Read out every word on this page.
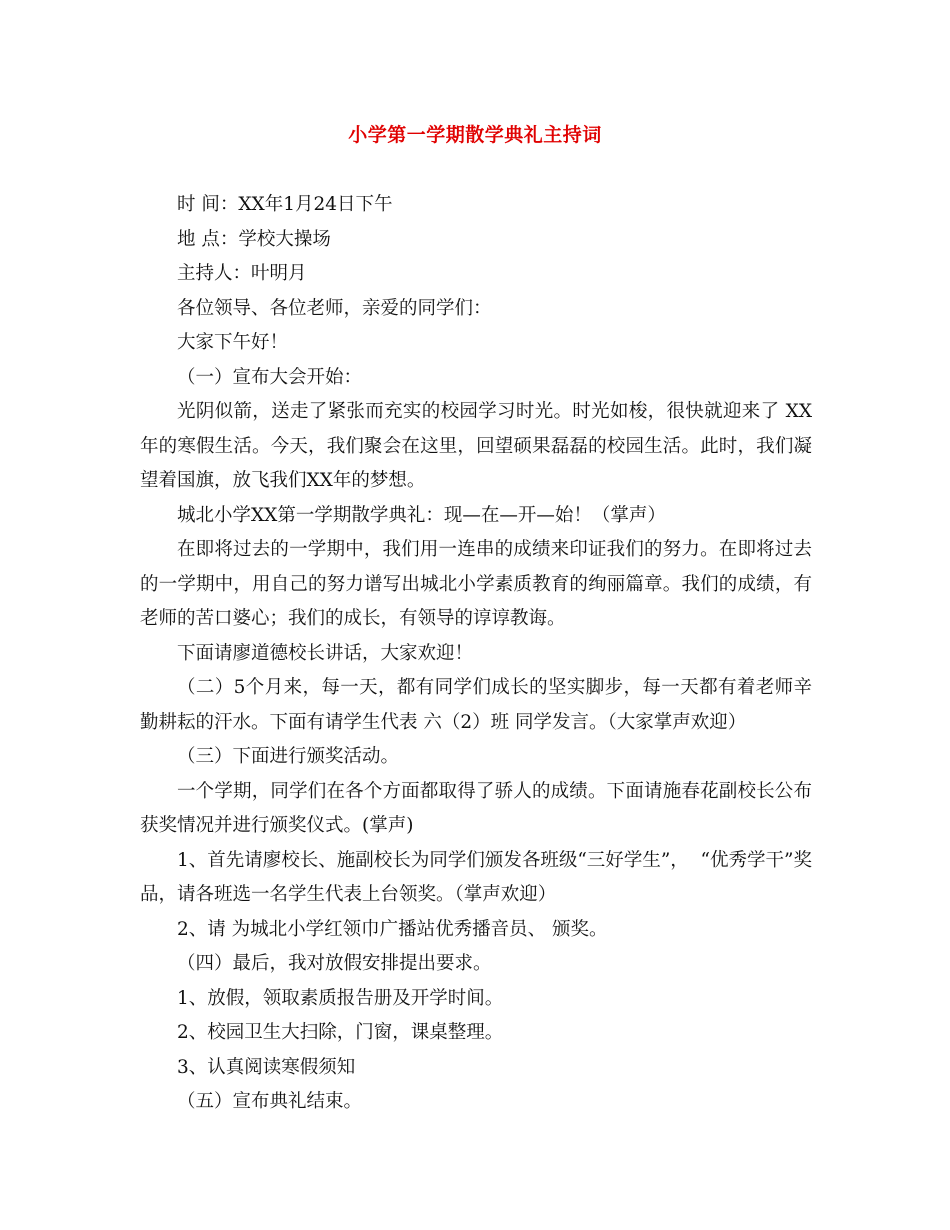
小学第一学期散学典礼主持词

时 间：XX年1月24日下午

地 点：学校大操场

主持人：叶明月

各位领导、各位老师，亲爱的同学们：

大家下午好！

（一）宣布大会开始：

光阴似箭，送走了紧张而充实的校园学习时光。时光如梭，很快就迎来了 XX年的寒假生活。今天，我们聚会在这里，回望硕果磊磊的校园生活。此时，我们凝望着国旗，放飞我们XX年的梦想。

城北小学XX第一学期散学典礼：现—在—开—始！（掌声）

在即将过去的一学期中，我们用一连串的成绩来印证我们的努力。在即将过去的一学期中，用自己的努力谱写出城北小学素质教育的绚丽篇章。我们的成绩，有老师的苦口婆心；我们的成长，有领导的谆谆教诲。

下面请廖道德校长讲话，大家欢迎！

（二）5个月来，每一天，都有同学们成长的坚实脚步，每一天都有着老师辛勤耕耘的汗水。下面有请学生代表 六（2）班 同学发言。（大家掌声欢迎）

（三）下面进行颁奖活动。

一个学期，同学们在各个方面都取得了骄人的成绩。下面请施春花副校长公布获奖情况并进行颁奖仪式。(掌声)

1、首先请廖校长、施副校长为同学们颁发各班级“三好学生”，  “优秀学干”奖品，请各班选一名学生代表上台领奖。（掌声欢迎）

2、请 为城北小学红领巾广播站优秀播音员、 颁奖。

（四）最后，我对放假安排提出要求。

1、放假，领取素质报告册及开学时间。

2、校园卫生大扫除，门窗，课桌整理。

3、认真阅读寒假须知

（五）宣布典礼结束。
